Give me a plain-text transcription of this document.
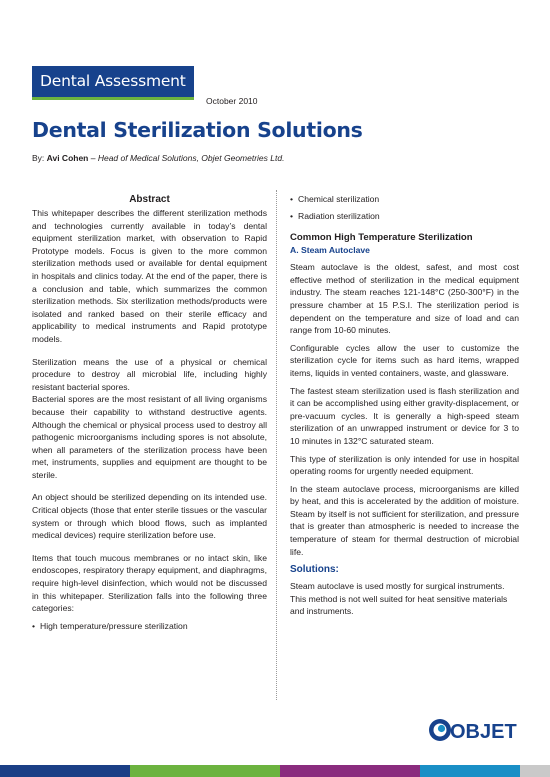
Dental Assessment
October 2010
Dental Sterilization Solutions
By: Avi Cohen – Head of Medical Solutions, Objet Geometries Ltd.
Abstract

This whitepaper describes the different sterilization methods and technologies currently available in today’s dental equipment sterilization market, with observation to Rapid Prototype models. Focus is given to the more common sterilization methods used or available for dental equipment in hospitals and clinics today. At the end of the paper, there is a conclusion and table, which summarizes the common sterilization methods. Six sterilization methods/products were isolated and ranked based on their sterile efficacy and applicability to medical instruments and Rapid prototype models.

Sterilization means the use of a physical or chemical procedure to destroy all microbial life, including highly resistant bacterial spores.

Bacterial spores are the most resistant of all living organisms because their capability to withstand destructive agents. Although the chemical or physical process used to destroy all pathogenic microorganisms including spores is not absolute, when all parameters of the sterilization process have been met, instruments, supplies and equipment are thought to be sterile.

An object should be sterilized depending on its intended use. Critical objects (those that enter sterile tissues or the vascular system or through which blood flows, such as implanted medical devices) require sterilization before use.

Items that touch mucous membranes or no intact skin, like endoscopes, respiratory therapy equipment, and diaphragms, require high-level disinfection, which would not be discussed in this whitepaper. Sterilization falls into the following three categories:

• High temperature/pressure sterilization
• Chemical sterilization
• Radiation sterilization
Common High Temperature Sterilization
A. Steam Autoclave

Steam autoclave is the oldest, safest, and most cost effective method of sterilization in the medical equipment industry. The steam reaches 121-148°C (250-300°F) in the pressure chamber at 15 P.S.I. The sterilization period is dependent on the temperature and size of load and can range from 10-60 minutes.

Configurable cycles allow the user to customize the sterilization cycle for items such as hard items, wrapped items, liquids in vented containers, waste, and glassware.

The fastest steam sterilization used is flash sterilization and it can be accomplished using either gravity-displacement, or pre-vacuum cycles. It is generally a high-speed steam sterilization of an unwrapped instrument or device for 3 to 10 minutes in 132°C saturated steam.

This type of sterilization is only intended for use in hospital operating rooms for urgently needed equipment.

In the steam autoclave process, microorganisms are killed by heat, and this is accelerated by the addition of moisture. Steam by itself is not sufficient for sterilization, and pressure that is greater than atmospheric is needed to increase the temperature of steam for thermal destruction of microbial life.

Solutions:

Steam autoclave is used mostly for surgical instruments.

This method is not well suited for heat sensitive materials and instruments.

OBJET
